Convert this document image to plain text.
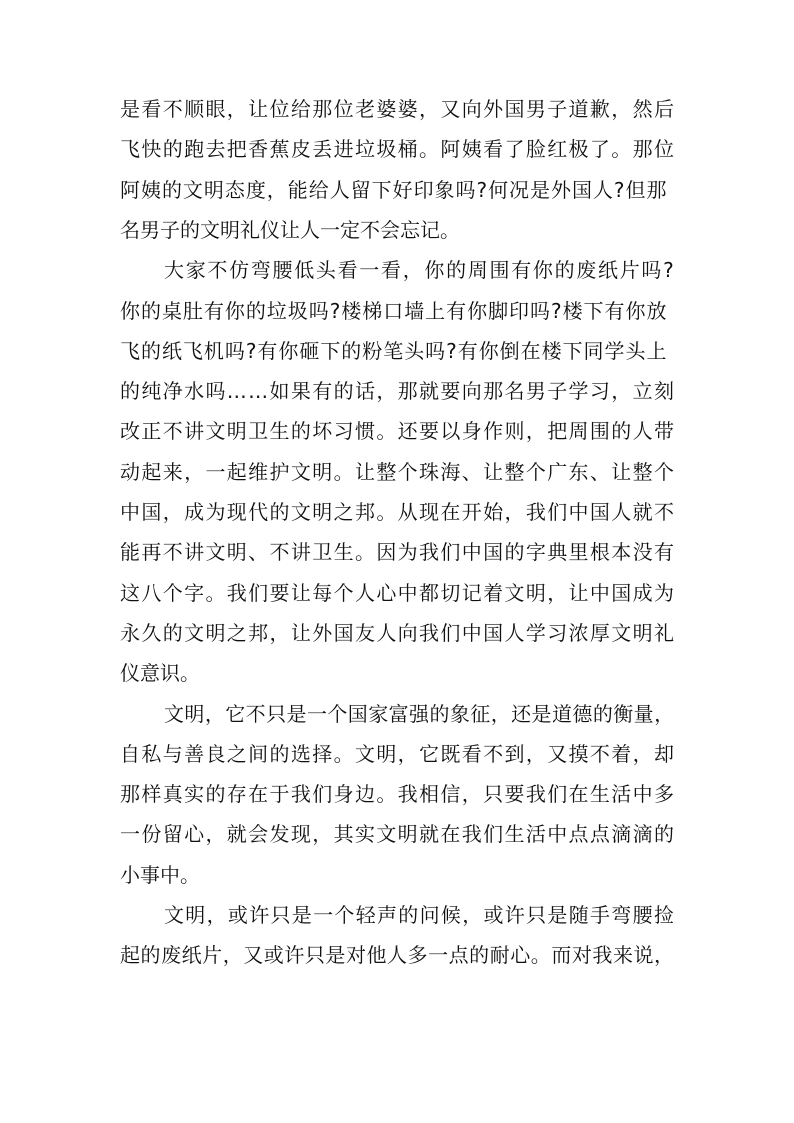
是看不顺眼，让位给那位老婆婆，又向外国男子道歉，然后
飞快的跑去把香蕉皮丢进垃圾桶。阿姨看了脸红极了。那位
阿姨的文明态度，能给人留下好印象吗?何况是外国人?但那
名男子的文明礼仪让人一定不会忘记。
大家不仿弯腰低头看一看，你的周围有你的废纸片吗?
你的桌肚有你的垃圾吗?楼梯口墙上有你脚印吗?楼下有你放
飞的纸飞机吗?有你砸下的粉笔头吗?有你倒在楼下同学头上
的纯净水吗……如果有的话，那就要向那名男子学习，立刻
改正不讲文明卫生的坏习惯。还要以身作则，把周围的人带
动起来，一起维护文明。让整个珠海、让整个广东、让整个
中国，成为现代的文明之邦。从现在开始，我们中国人就不
能再不讲文明、不讲卫生。因为我们中国的字典里根本没有
这八个字。我们要让每个人心中都切记着文明，让中国成为
永久的文明之邦，让外国友人向我们中国人学习浓厚文明礼
仪意识。
文明，它不只是一个国家富强的象征，还是道德的衡量，
自私与善良之间的选择。文明，它既看不到，又摸不着，却
那样真实的存在于我们身边。我相信，只要我们在生活中多
一份留心，就会发现，其实文明就在我们生活中点点滴滴的
小事中。
文明，或许只是一个轻声的问候，或许只是随手弯腰捡
起的废纸片，又或许只是对他人多一点的耐心。而对我来说，
